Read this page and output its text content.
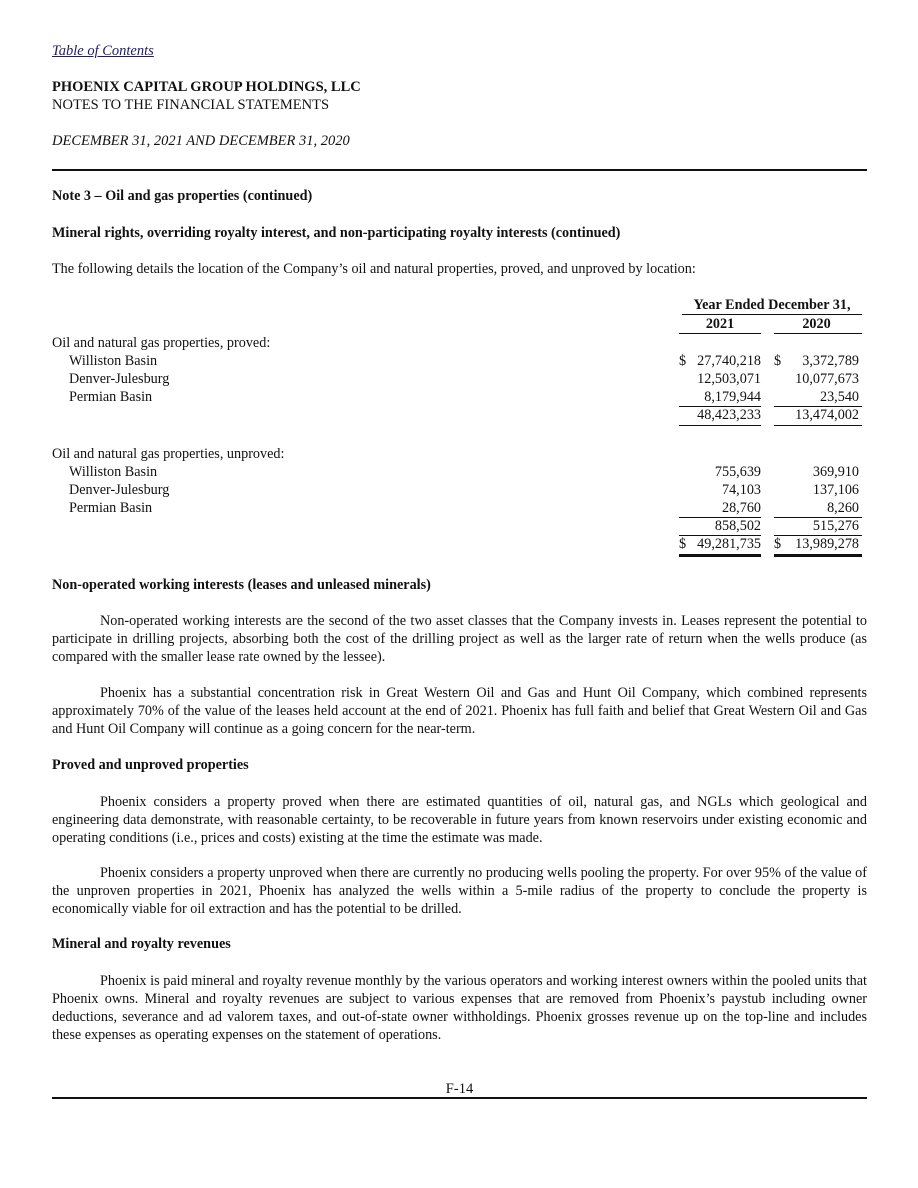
Table of Contents
PHOENIX CAPITAL GROUP HOLDINGS, LLC
NOTES TO THE FINANCIAL STATEMENTS
DECEMBER 31, 2021 AND DECEMBER 31, 2020
Note 3 – Oil and gas properties (continued)
Mineral rights, overriding royalty interest, and non-participating royalty interests (continued)
The following details the location of the Company’s oil and natural properties, proved, and unproved by location:
Year Ended December 31,
2021	2020
Oil and natural gas properties, proved:
Williston Basin	$ 27,740,218 $ 3,372,789
Denver-Julesburg	12,503,071	10,077,673
Permian Basin	8,179,944	23,540
48,423,233	13,474,002
Oil and natural gas properties, unproved:
Williston Basin	755,639	369,910
Denver-Julesburg	74,103	137,106
Permian Basin	28,760	8,260
858,502	515,276
$ 49,281,735 $ 13,989,278
Non-operated working interests (leases and unleased minerals)
Non-operated working interests are the second of the two asset classes that the Company invests in. Leases represent the potential to participate in drilling projects, absorbing both the cost of the drilling project as well as the larger rate of return when the wells produce (as compared with the smaller lease rate owned by the lessee).
Phoenix has a substantial concentration risk in Great Western Oil and Gas and Hunt Oil Company, which combined represents approximately 70% of the value of the leases held account at the end of 2021. Phoenix has full faith and belief that Great Western Oil and Gas and Hunt Oil Company will continue as a going concern for the near-term.
Proved and unproved properties
Phoenix considers a property proved when there are estimated quantities of oil, natural gas, and NGLs which geological and engineering data demonstrate, with reasonable certainty, to be recoverable in future years from known reservoirs under existing economic and operating conditions (i.e., prices and costs) existing at the time the estimate was made.
Phoenix considers a property unproved when there are currently no producing wells pooling the property. For over 95% of the value of the unproven properties in 2021, Phoenix has analyzed the wells within a 5-mile radius of the property to conclude the property is economically viable for oil extraction and has the potential to be drilled.
Mineral and royalty revenues
Phoenix is paid mineral and royalty revenue monthly by the various operators and working interest owners within the pooled units that Phoenix owns. Mineral and royalty revenues are subject to various expenses that are removed from Phoenix’s paystub including owner deductions, severance and ad valorem taxes, and out-of-state owner withholdings. Phoenix grosses revenue up on the top-line and includes these expenses as operating expenses on the statement of operations.
F-14
